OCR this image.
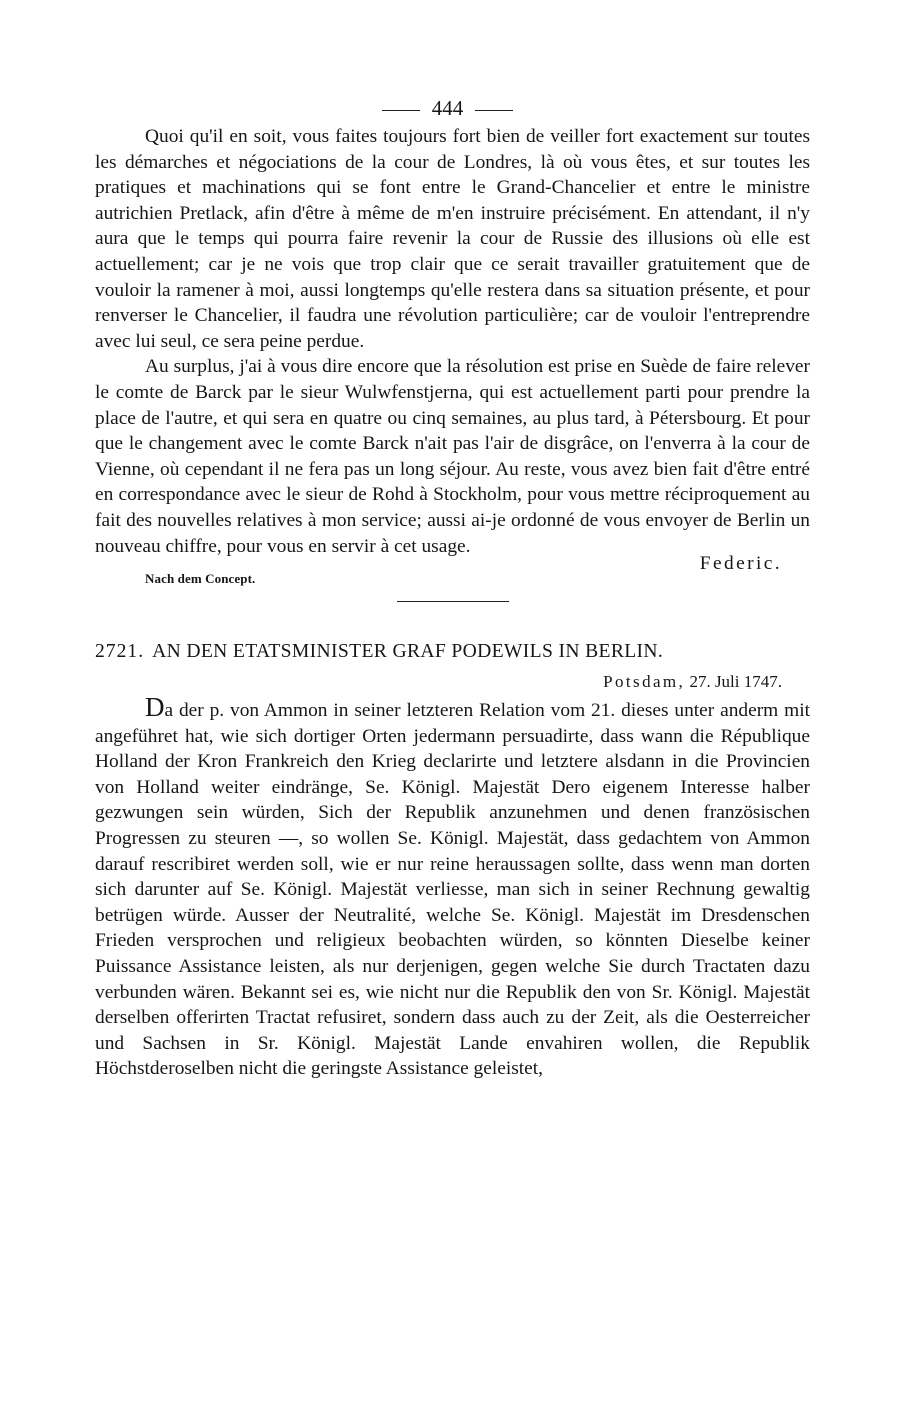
444

Quoi qu'il en soit, vous faites toujours fort bien de veiller fort exactement sur toutes les démarches et négociations de la cour de Londres, là où vous êtes, et sur toutes les pratiques et machinations qui se font entre le Grand-Chancelier et entre le ministre autrichien Pretlack, afin d'être à même de m'en instruire précisément. En attendant, il n'y aura que le temps qui pourra faire revenir la cour de Russie des illusions où elle est actuellement; car je ne vois que trop clair que ce serait travailler gratuitement que de vouloir la ramener à moi, aussi longtemps qu'elle restera dans sa situation présente, et pour renverser le Chancelier, il faudra une révolution particulière; car de vouloir l'entreprendre avec lui seul, ce sera peine perdue.

Au surplus, j'ai à vous dire encore que la résolution est prise en Suède de faire relever le comte de Barck par le sieur Wulwfenstjerna, qui est actuellement parti pour prendre la place de l'autre, et qui sera en quatre ou cinq semaines, au plus tard, à Pétersbourg. Et pour que le changement avec le comte Barck n'ait pas l'air de disgrâce, on l'enverra à la cour de Vienne, où cependant il ne fera pas un long séjour. Au reste, vous avez bien fait d'être entré en correspondance avec le sieur de Rohd à Stockholm, pour vous mettre réciproquement au fait des nouvelles relatives à mon service; aussi ai-je ordonné de vous envoyer de Berlin un nouveau chiffre, pour vous en servir à cet usage.

Nach dem Concept.
Federic.
2721. AN DEN ETATSMINISTER GRAF PODEWILS IN BERLIN.
Potsdam, 27. Juli 1747.

Da der p. von Ammon in seiner letzteren Relation vom 21. dieses unter anderm mit angeführet hat, wie sich dortiger Orten jedermann persuadirte, dass wann die République Holland der Kron Frankreich den Krieg declarirte und letztere alsdann in die Provincien von Holland weiter eindränge, Se. Königl. Majestät Dero eigenem Interesse halber gezwungen sein würden, Sich der Republik anzunehmen und denen französischen Progressen zu steuren —, so wollen Se. Königl. Majestät, dass gedachtem von Ammon darauf rescribiret werden soll, wie er nur reine heraussagen sollte, dass wenn man dorten sich darunter auf Se. Königl. Majestät verliesse, man sich in seiner Rechnung gewaltig betrügen würde. Ausser der Neutralité, welche Se. Königl. Majestät im Dresdenschen Frieden versprochen und religieux beobachten würden, so könnten Dieselbe keiner Puissance Assistance leisten, als nur derjenigen, gegen welche Sie durch Tractaten dazu verbunden wären. Bekannt sei es, wie nicht nur die Republik den von Sr. Königl. Majestät derselben offerirten Tractat refusiret, sondern dass auch zu der Zeit, als die Oesterreicher und Sachsen in Sr. Königl. Majestät Lande envahiren wollen, die Republik Höchstderoselben nicht die geringste Assistance geleistet,
